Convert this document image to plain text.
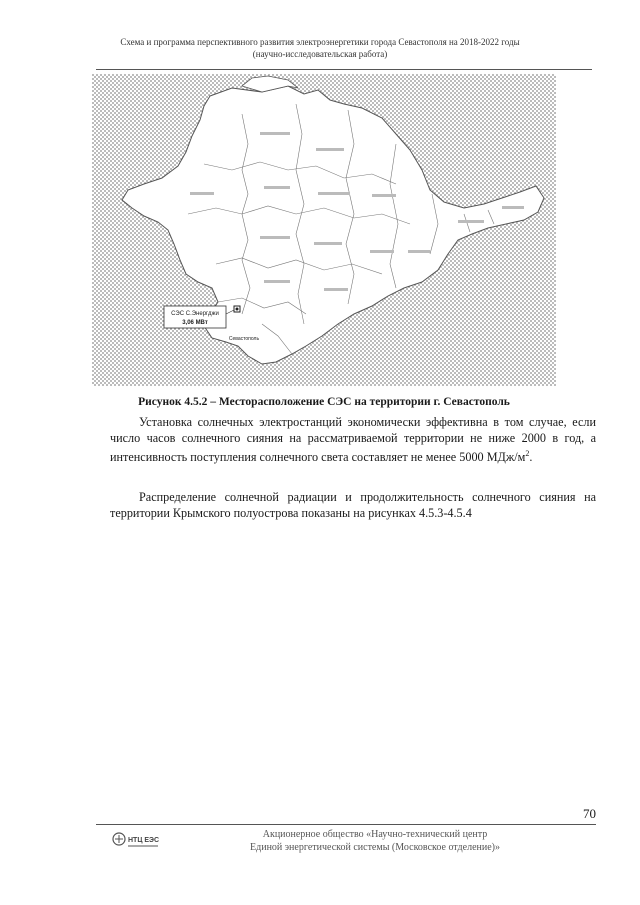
Схема и программа перспективного развития электроэнергетики города Севастополя на 2018-2022 годы
(научно-исследовательская работа)
СЭС С.Энергджи
3,06 МВт
Севастополь
Рисунок 4.5.2 – Месторасположение СЭС на территории г. Севастополь

Установка солнечных электростанций экономически эффективна в том случае, если число часов солнечного сияния на рассматриваемой территории не ниже 2000 в год, а интенсивность поступления солнечного света составляет не менее 5000 МДж/$м^2$.

Распределение солнечной радиации и продолжительность солнечного сияния на территории Крымского полуострова показаны на рисунках 4.5.3-4.5.4

70
НТЦ ЕЭС
Акционерное общество «Научно-технический центр
Единой энергетической системы (Московское отделение)»
